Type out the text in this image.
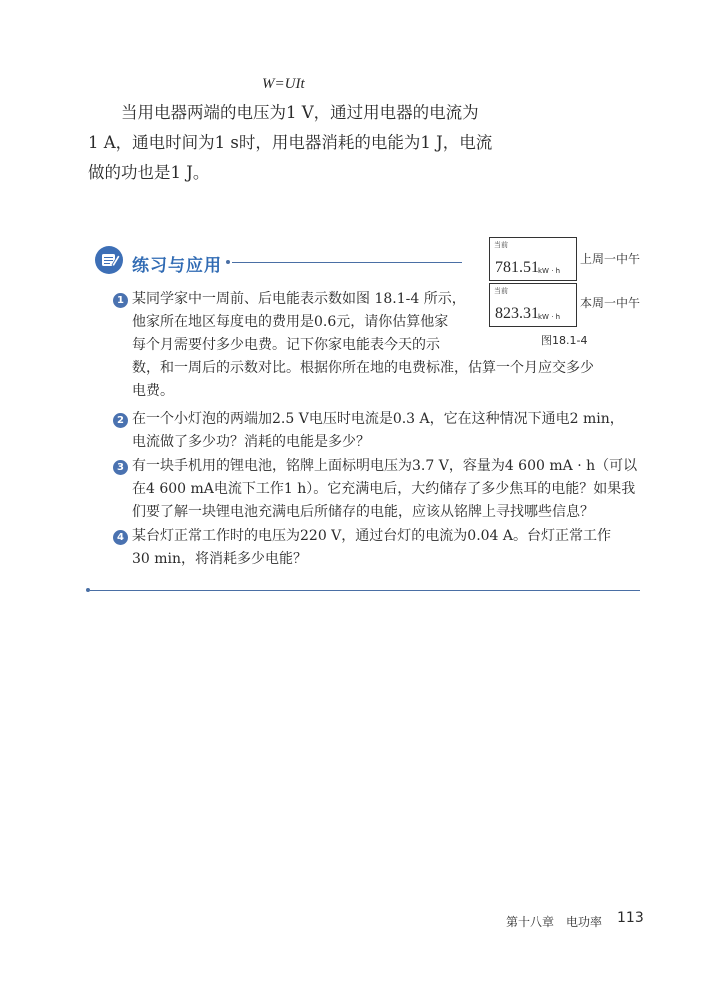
W=UIt

当用电器两端的电压为1 V，通过用电器的电流为

1 A，通电时间为1 s时，用电器消耗的电能为1 J，电流

做的功也是1 J。

练习与应用
当前
781.51 kW · h
上周一中午
当前
823.31 kW · h
本周一中午
图18.1-4
1 某同学家中一周前、后电能表示数如图 18.1-4 所示，
他家所在地区每度电的费用是0.6元，请你估算他家
每个月需要付多少电费。记下你家电能表今天的示
数，和一周后的示数对比。根据你所在地的电费标准，估算一个月应交多少
电费。
2 在一个小灯泡的两端加2.5 V电压时电流是0.3 A，它在这种情况下通电2 min，
电流做了多少功？消耗的电能是多少？
3 有一块手机用的锂电池，铭牌上面标明电压为3.7 V，容量为4 600 mA · h（可以
在4 600 mA电流下工作1 h）。它充满电后，大约储存了多少焦耳的电能？如果我
们要了解一块锂电池充满电后所储存的电能，应该从铭牌上寻找哪些信息？
4 某台灯正常工作时的电压为220 V，通过台灯的电流为0.04 A。台灯正常工作
30 min，将消耗多少电能？
第十八章　电功率 113
